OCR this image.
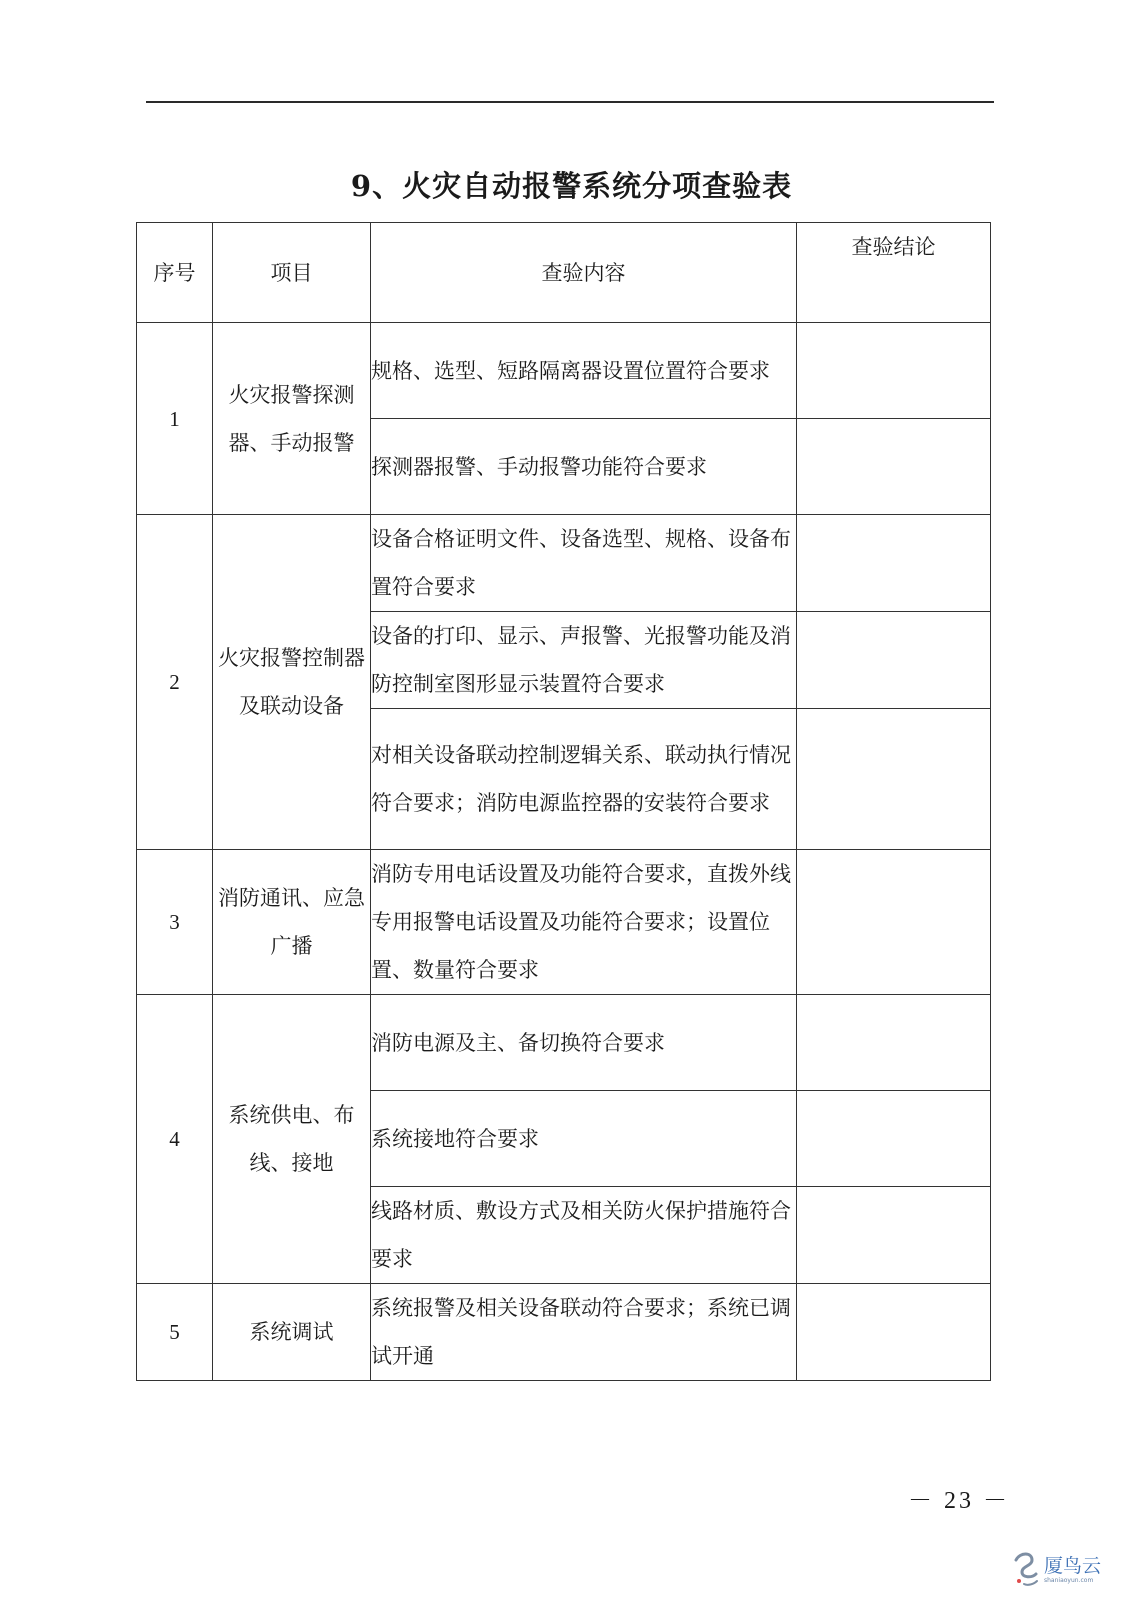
9、火灾自动报警系统分项查验表
序号	项目	查验内容	查验结论
1	火灾报警探测器、手动报警	规格、选型、短路隔离器设置位置符合要求	
		探测器报警、手动报警功能符合要求	
2	火灾报警控制器及联动设备	设备合格证明文件、设备选型、规格、设备布置符合要求	
		设备的打印、显示、声报警、光报警功能及消防控制室图形显示装置符合要求	
		对相关设备联动控制逻辑关系、联动执行情况符合要求；消防电源监控器的安装符合要求	
3	消防通讯、应急广播	消防专用电话设置及功能符合要求，直拨外线专用报警电话设置及功能符合要求；设置位置、数量符合要求	
4	系统供电、布线、接地	消防电源及主、备切换符合要求	
		系统接地符合要求	
		线路材质、敷设方式及相关防火保护措施符合要求	
5	系统调试	系统报警及相关设备联动符合要求；系统已调试开通	
－ 23 －
厦鸟云
shaniaoyun.com
